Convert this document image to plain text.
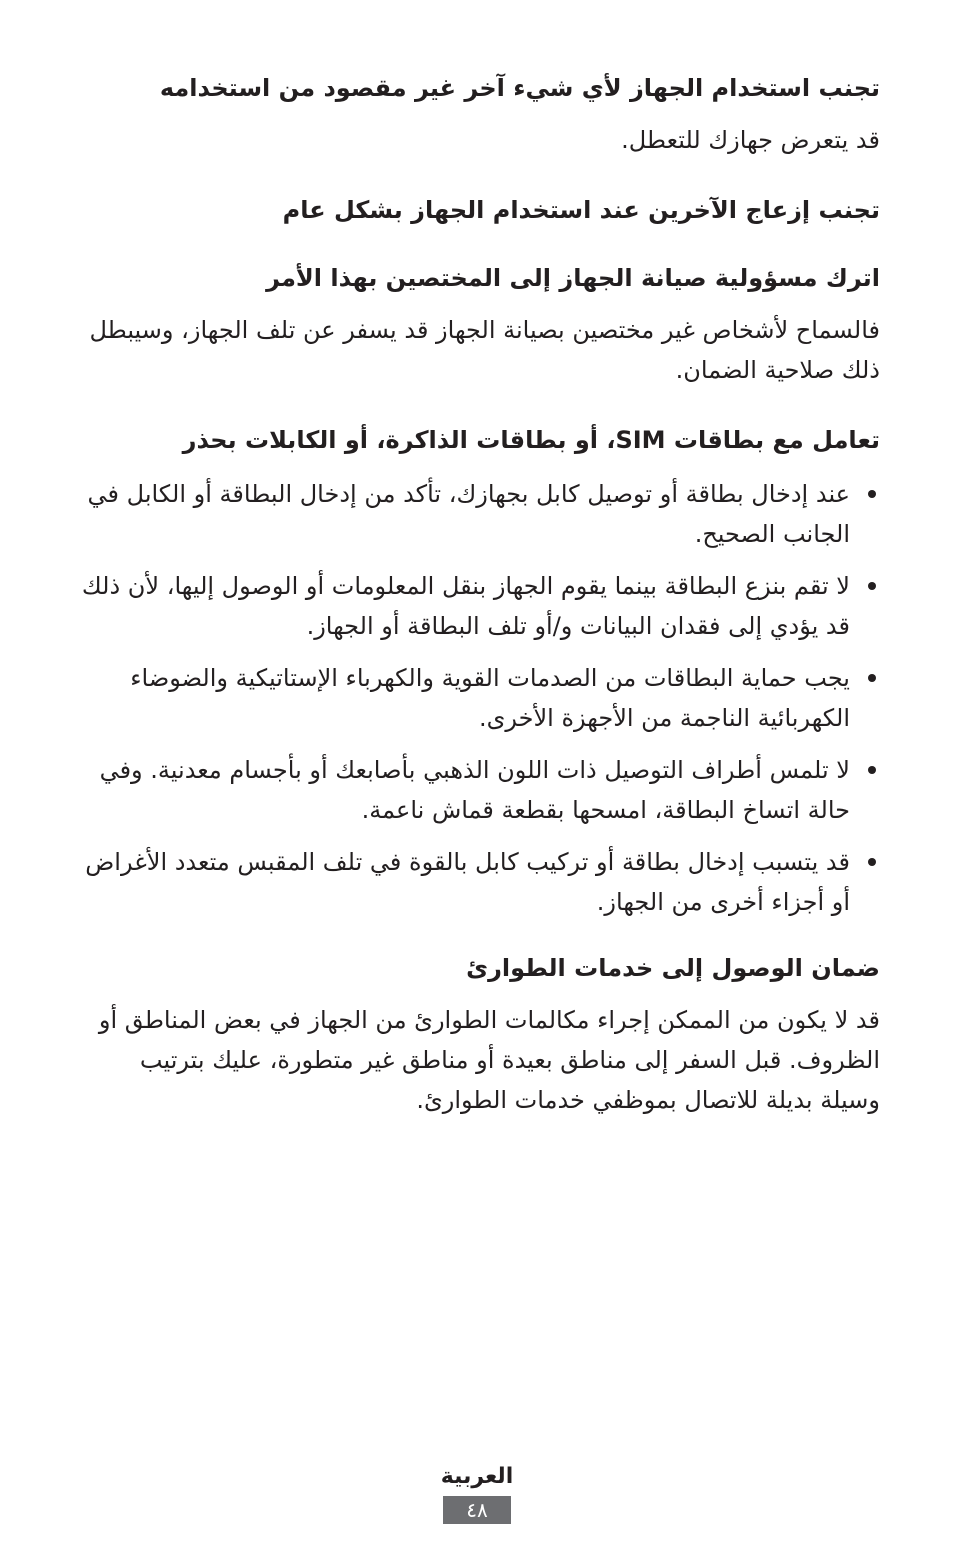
تجنب استخدام الجهاز لأي شيء آخر غير مقصود من استخدامه

قد يتعرض جهازك للتعطل.

تجنب إزعاج الآخرين عند استخدام الجهاز بشكل عام
اترك مسؤولية صيانة الجهاز إلى المختصين بهذا الأمر

فالسماح لأشخاص غير مختصين بصيانة الجهاز قد يسفر عن تلف الجهاز، وسيبطل ذلك صلاحية الضمان.

تعامل مع بطاقات SIM، أو بطاقات الذاكرة، أو الكابلات بحذر
عند إدخال بطاقة أو توصيل كابل بجهازك، تأكد من إدخال البطاقة أو الكابل في الجانب الصحيح.
لا تقم بنزع البطاقة بينما يقوم الجهاز بنقل المعلومات أو الوصول إليها، لأن ذلك قد يؤدي إلى فقدان البيانات و/أو تلف البطاقة أو الجهاز.
يجب حماية البطاقات من الصدمات القوية والكهرباء الإستاتيكية والضوضاء الكهربائية الناجمة من الأجهزة الأخرى.
لا تلمس أطراف التوصيل ذات اللون الذهبي بأصابعك أو بأجسام معدنية. وفي حالة اتساخ البطاقة، امسحها بقطعة قماش ناعمة.
قد يتسبب إدخال بطاقة أو تركيب كابل بالقوة في تلف المقبس متعدد الأغراض أو أجزاء أخرى من الجهاز.
ضمان الوصول إلى خدمات الطوارئ

قد لا يكون من الممكن إجراء مكالمات الطوارئ من الجهاز في بعض المناطق أو الظروف. قبل السفر إلى مناطق بعيدة أو مناطق غير متطورة، عليك بترتيب وسيلة بديلة للاتصال بموظفي خدمات الطوارئ.

العربية
٤٨
